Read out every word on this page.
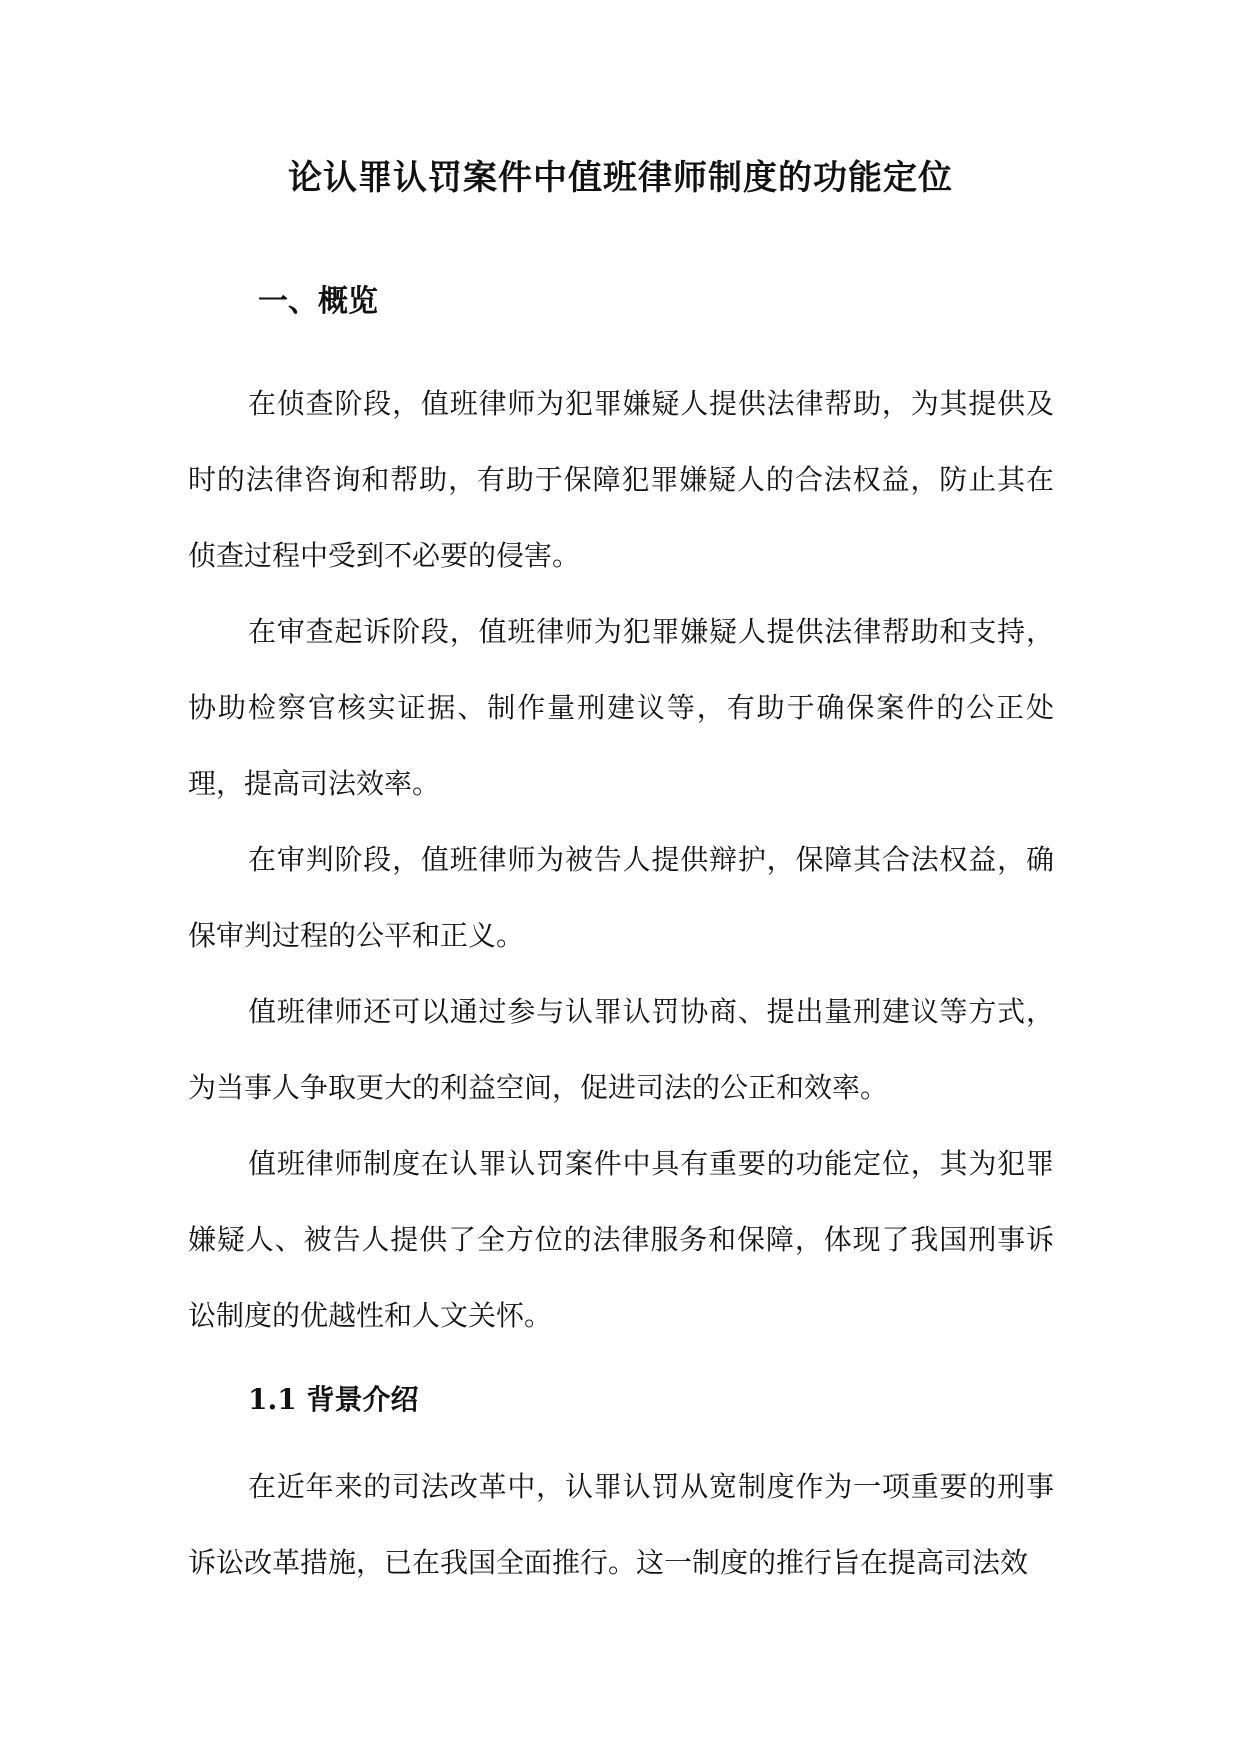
论认罪认罚案件中值班律师制度的功能定位
一、概览

在侦查阶段，值班律师为犯罪嫌疑人提供法律帮助，为其提供及时的法律咨询和帮助，有助于保障犯罪嫌疑人的合法权益，防止其在侦查过程中受到不必要的侵害。

在审查起诉阶段，值班律师为犯罪嫌疑人提供法律帮助和支持，协助检察官核实证据、制作量刑建议等，有助于确保案件的公正处理，提高司法效率。

在审判阶段，值班律师为被告人提供辩护，保障其合法权益，确保审判过程的公平和正义。

值班律师还可以通过参与认罪认罚协商、提出量刑建议等方式，为当事人争取更大的利益空间，促进司法的公正和效率。

值班律师制度在认罪认罚案件中具有重要的功能定位，其为犯罪嫌疑人、被告人提供了全方位的法律服务和保障，体现了我国刑事诉讼制度的优越性和人文关怀。

1.1 背景介绍

在近年来的司法改革中，认罪认罚从宽制度作为一项重要的刑事诉讼改革措施，已在我国全面推行。这一制度的推行旨在提高司法效
